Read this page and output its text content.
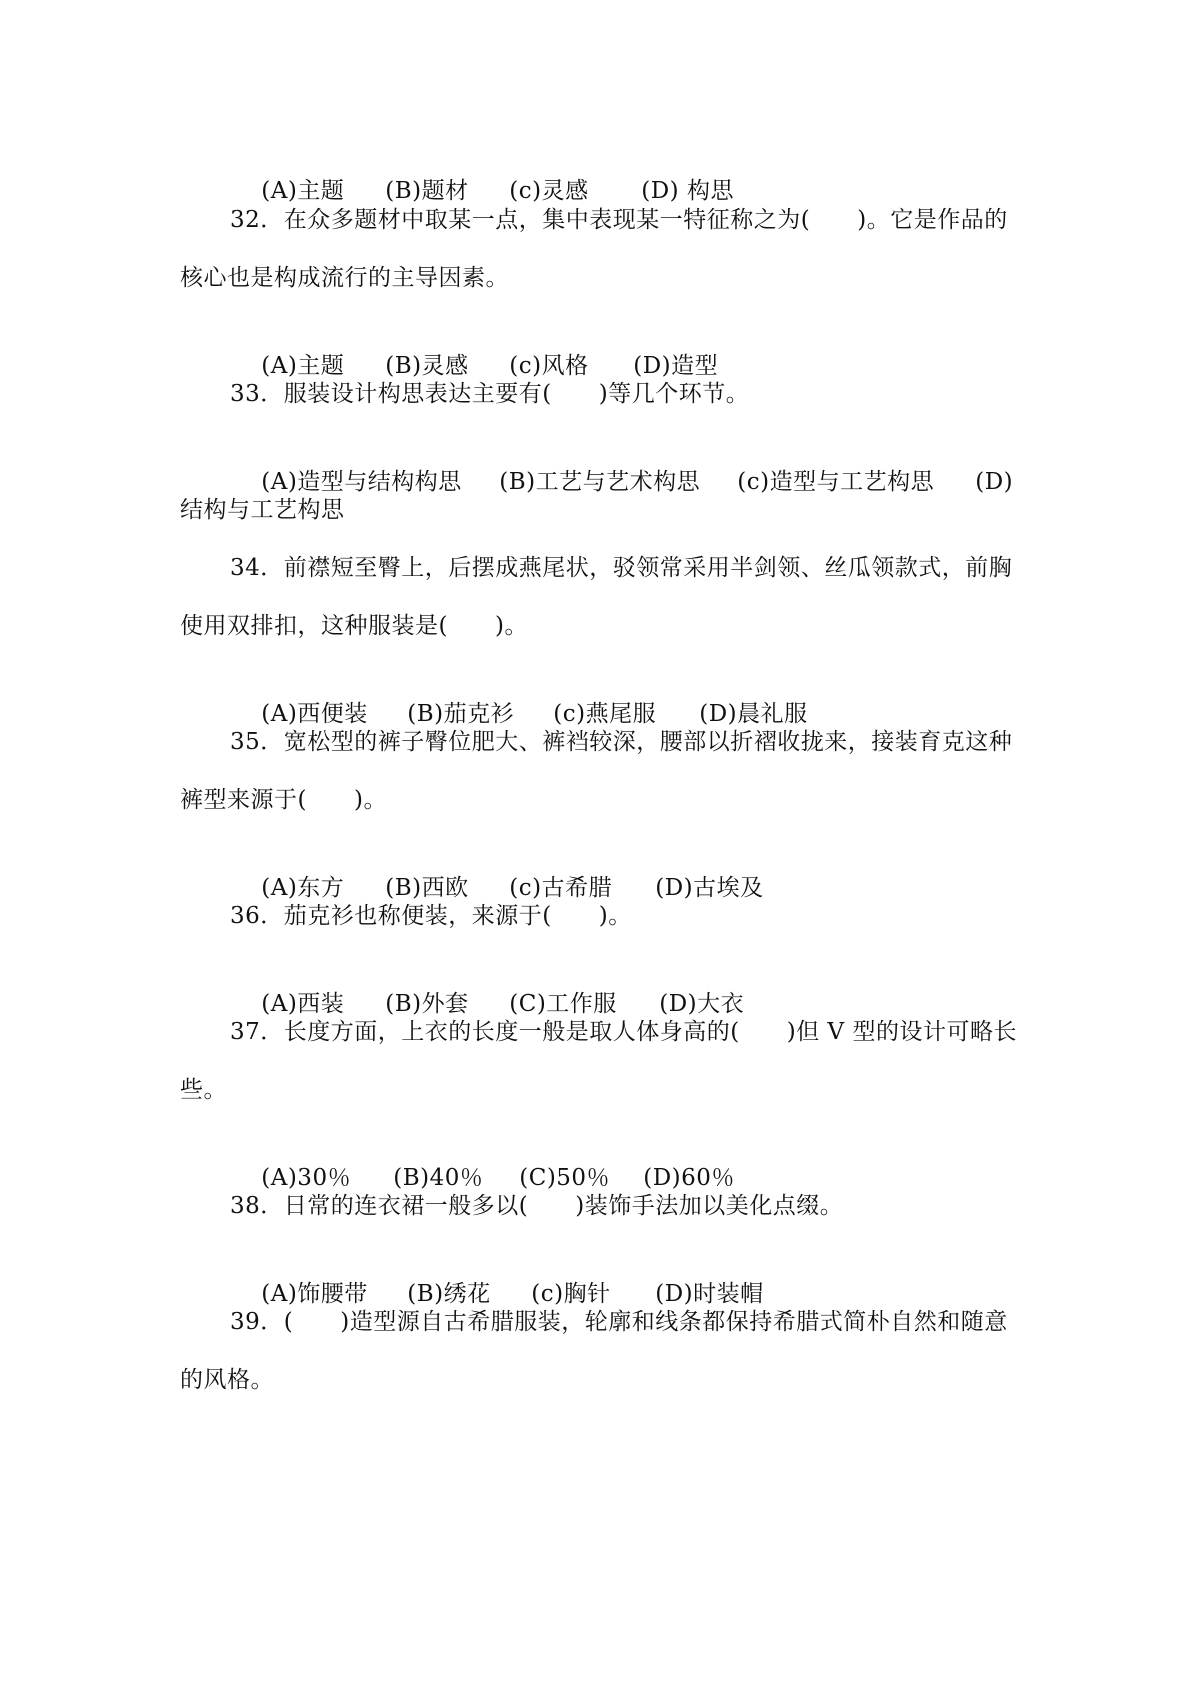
(A)主题 (B)题材 (c)灵感 (D) 构思

32．在众多题材中取某一点，集中表现某一特征称之为(　　)。它是作品的
核心也是构成流行的主导因素。

(A)主题 (B)灵感 (c)风格 (D)造型

33．服装设计构思表达主要有(　　)等几个环节。

(A)造型与结构构思 (B)工艺与艺术构思 (c)造型与工艺构思 (D)

结构与工艺构思
34．前襟短至臀上，后摆成燕尾状，驳领常采用半剑领、丝瓜领款式，前胸
使用双排扣，这种服装是(　　)。

(A)西便装 (B)茄克衫 (c)燕尾服 (D)晨礼服

35．宽松型的裤子臀位肥大、裤裆较深，腰部以折褶收拢来，接装育克这种
裤型来源于(　　)。

(A)东方 (B)西欧 (c)古希腊 (D)古埃及

36．茄克衫也称便装，来源于(　　)。

(A)西装 (B)外套 (C)工作服 (D)大衣

37．长度方面，上衣的长度一般是取人体身高的(　　)但 V 型的设计可略长
些。

(A)30％ (B)40％ (C)50％ (D)60％

38．日常的连衣裙一般多以(　　)装饰手法加以美化点缀。

(A)饰腰带 (B)绣花 (c)胸针 (D)时装帽

39．(　　)造型源自古希腊服装，轮廓和线条都保持希腊式简朴自然和随意
的风格。
